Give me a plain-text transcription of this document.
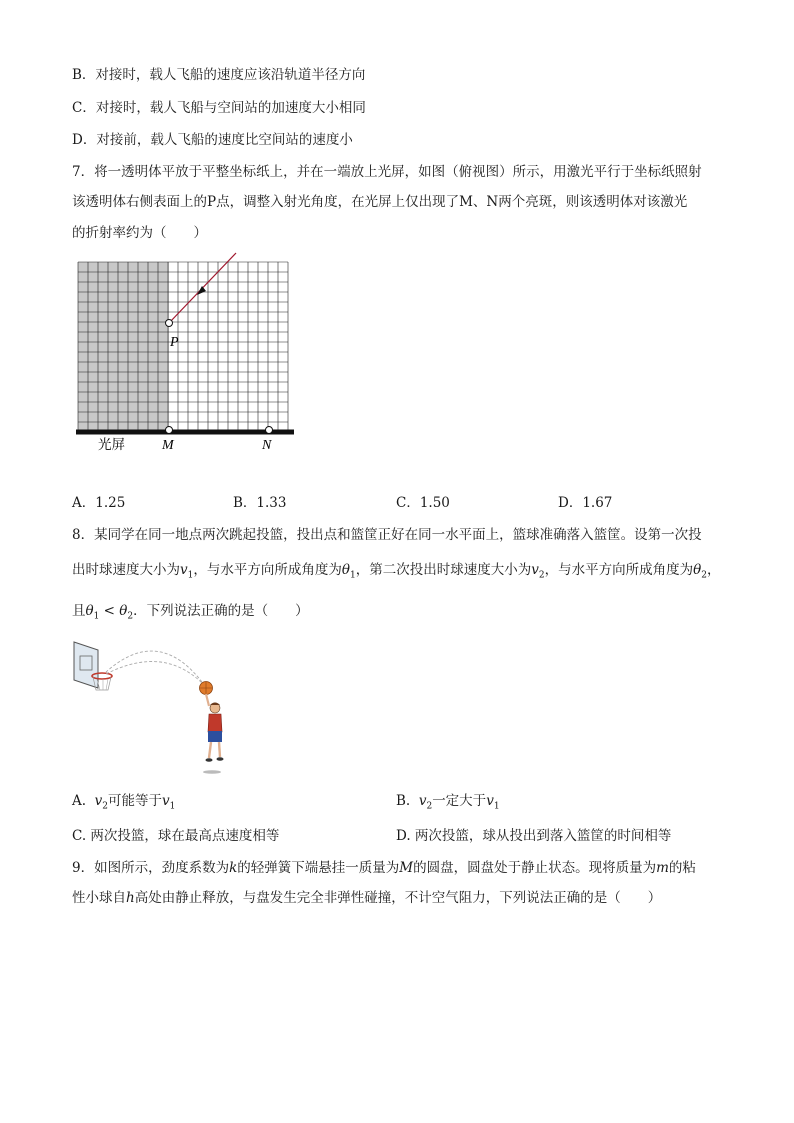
B．对接时，载人飞船的速度应该沿轨道半径方向
C．对接时，载人飞船与空间站的加速度大小相同
D．对接前，载人飞船的速度比空间站的速度小
7．将一透明体平放于平整坐标纸上，并在一端放上光屏，如图（俯视图）所示，用激光平行于坐标纸照射
该透明体右侧表面上的P点，调整入射光角度，在光屏上仅出现了M、N两个亮斑，则该透明体对该激光
的折射率约为（　　）
P
光屏	M	N
A．1.25	B．1.33	C．1.50	D．1.67
8．某同学在同一地点两次跳起投篮，投出点和篮筐正好在同一水平面上，篮球准确落入篮筐。设第一次投
出时球速度大小为$v_1$，与水平方向所成角度为$\theta_1$，第二次投出时球速度大小为$v_2$，与水平方向所成角度为$\theta_2$，
且$\theta_1 < \theta_2$．下列说法正确的是（　　）
A. $v_2$可能等于$v_1$	B. $v_2$一定大于$v_1$
C. 两次投篮，球在最高点速度相等	D. 两次投篮，球从投出到落入篮筐的时间相等
9．如图所示，劲度系数为k的轻弹簧下端悬挂一质量为M的圆盘，圆盘处于静止状态。现将质量为m的粘
性小球自h高处由静止释放，与盘发生完全非弹性碰撞，不计空气阻力，下列说法正确的是（　　）
